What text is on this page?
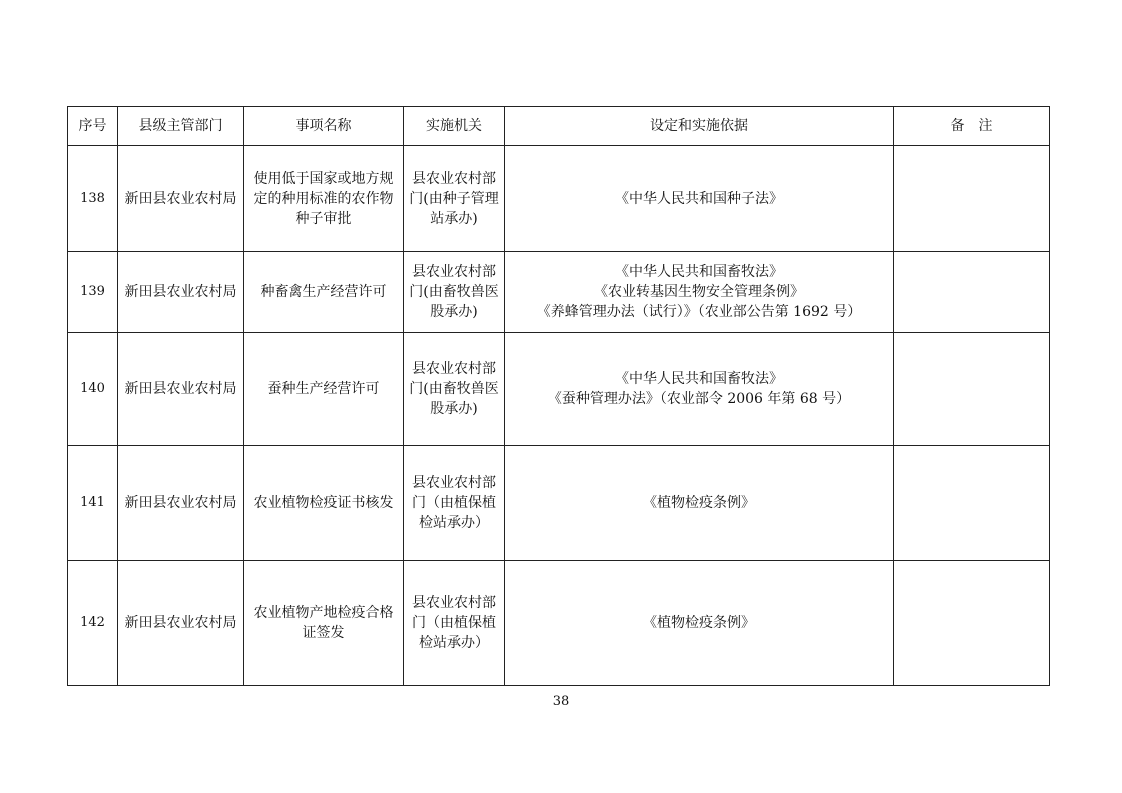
序号	县级主管部门	事项名称	实施机关	设定和实施依据	备　注
138	新田县农业农村局	使用低于国家或地方规定的种用标准的农作物种子审批	县农业农村部门(由种子管理站承办)	《中华人民共和国种子法》	

139	新田县农业农村局	种畜禽生产经营许可	县农业农村部门(由畜牧兽医股承办)	《中华人民共和国畜牧法》
《农业转基因生物安全管理条例》
《养蜂管理办法（试行）》（农业部公告第 1692 号）	

140	新田县农业农村局	蚕种生产经营许可	县农业农村部门(由畜牧兽医股承办)	《中华人民共和国畜牧法》
《蚕种管理办法》（农业部令 2006 年第 68 号）	

141	新田县农业农村局	农业植物检疫证书核发	县农业农村部门（由植保植检站承办）	《植物检疫条例》	

142	新田县农业农村局	农业植物产地检疫合格证签发	县农业农村部门（由植保植检站承办）	《植物检疫条例》	

38
